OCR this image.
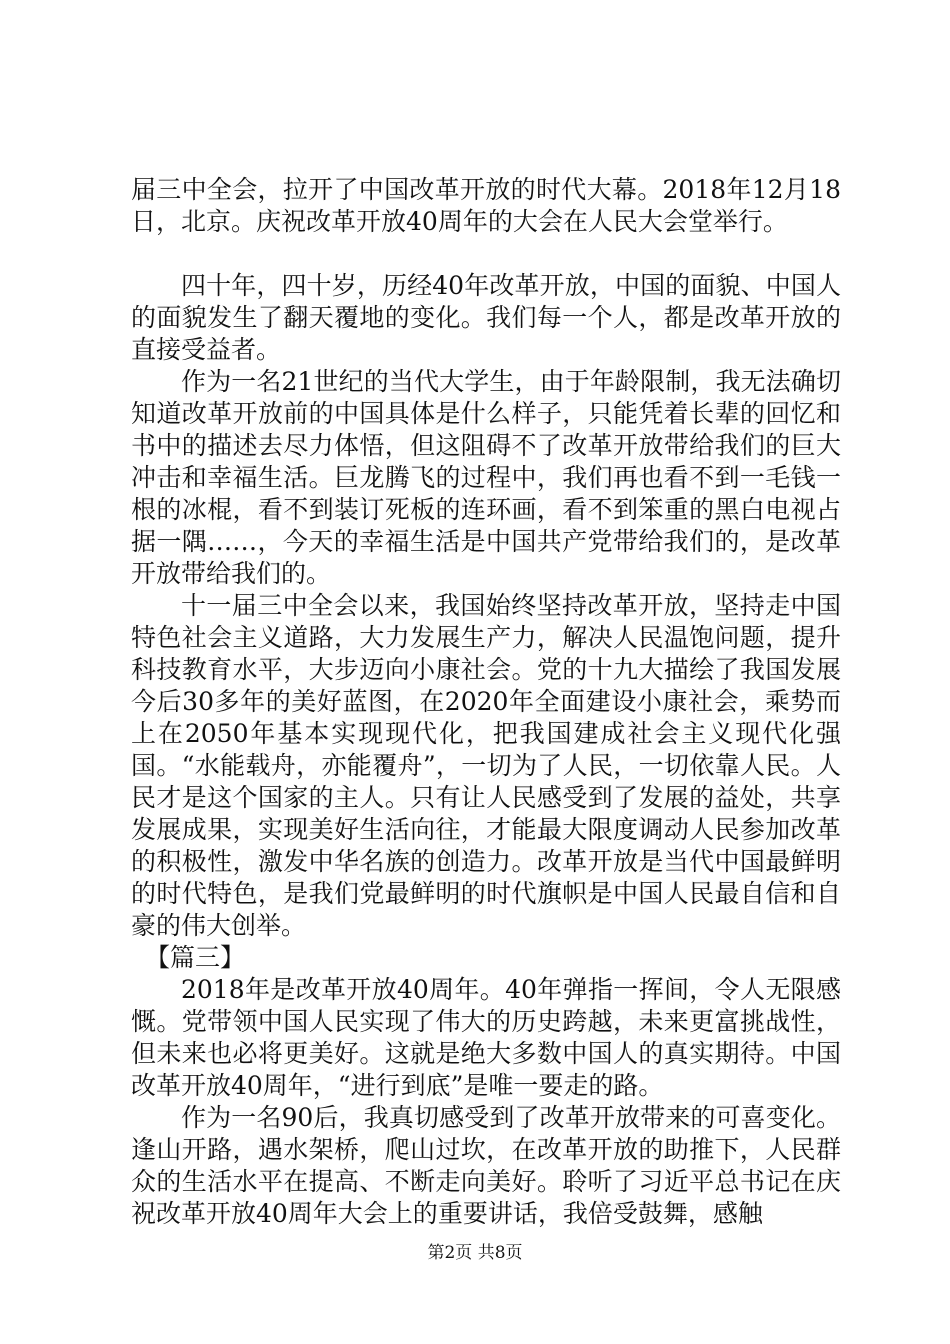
届三中全会，拉开了中国改革开放的时代大幕。2018年12月18日，北京。庆祝改革开放40周年的大会在人民大会堂举行。

四十年，四十岁，历经40年改革开放，中国的面貌、中国人的面貌发生了翻天覆地的变化。我们每一个人，都是改革开放的直接受益者。

作为一名21世纪的当代大学生，由于年龄限制，我无法确切知道改革开放前的中国具体是什么样子，只能凭着长辈的回忆和书中的描述去尽力体悟，但这阻碍不了改革开放带给我们的巨大冲击和幸福生活。巨龙腾飞的过程中，我们再也看不到一毛钱一根的冰棍，看不到装订死板的连环画，看不到笨重的黑白电视占据一隅……，今天的幸福生活是中国共产党带给我们的，是改革开放带给我们的。

十一届三中全会以来，我国始终坚持改革开放，坚持走中国特色社会主义道路，大力发展生产力，解决人民温饱问题，提升科技教育水平，大步迈向小康社会。党的十九大描绘了我国发展今后30多年的美好蓝图，在2020年全面建设小康社会，乘势而上在2050年基本实现现代化，把我国建成社会主义现代化强国。“水能载舟，亦能覆舟”，一切为了人民，一切依靠人民。人民才是这个国家的主人。只有让人民感受到了发展的益处，共享发展成果，实现美好生活向往，才能最大限度调动人民参加改革的积极性，激发中华名族的创造力。改革开放是当代中国最鲜明的时代特色，是我们党最鲜明的时代旗帜是中国人民最自信和自豪的伟大创举。

【篇三】

2018年是改革开放40周年。40年弹指一挥间，令人无限感慨。党带领中国人民实现了伟大的历史跨越，未来更富挑战性，但未来也必将更美好。这就是绝大多数中国人的真实期待。中国改革开放40周年，“进行到底”是唯一要走的路。

作为一名90后，我真切感受到了改革开放带来的可喜变化。逢山开路，遇水架桥，爬山过坎，在改革开放的助推下，人民群众的生活水平在提高、不断走向美好。聆听了习近平总书记在庆祝改革开放40周年大会上的重要讲话，我倍受鼓舞，感触

第2页 共8页
